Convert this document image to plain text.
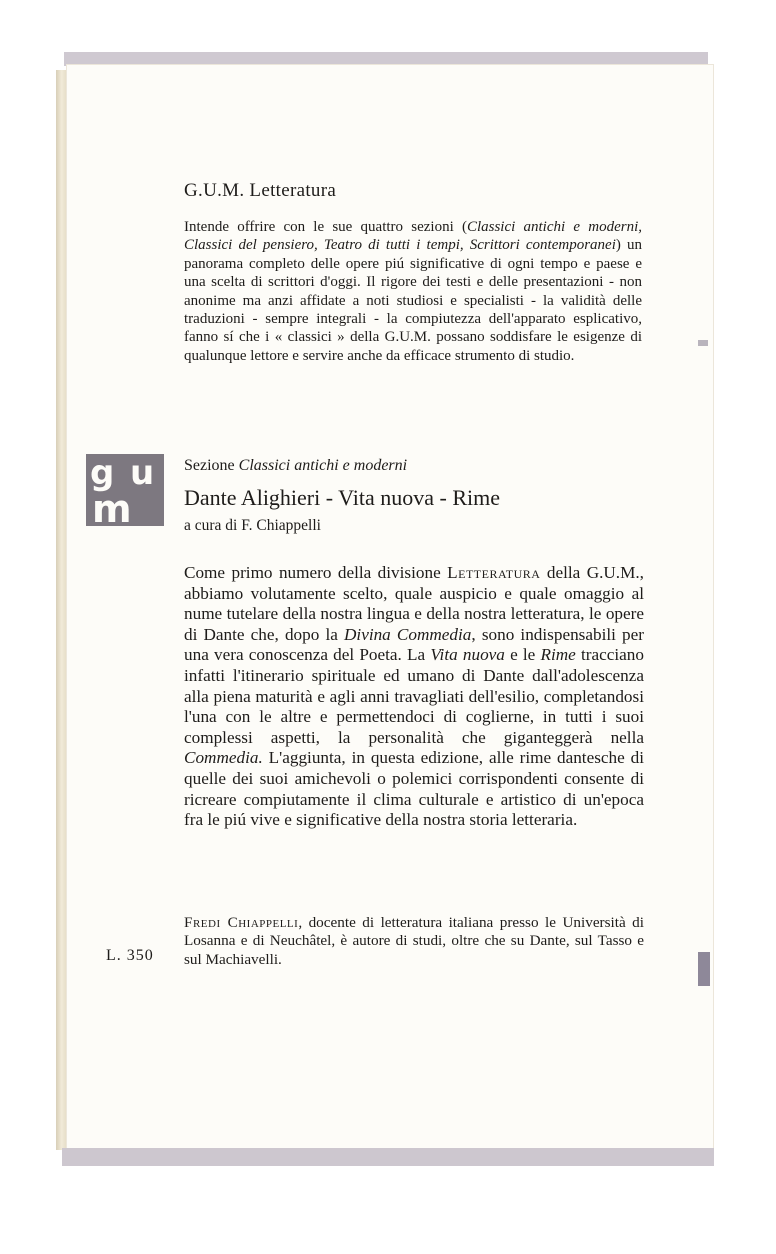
G.U.M. Letteratura
Intende offrire con le sue quattro sezioni (Classici antichi e moderni, Classici del pensiero, Teatro di tutti i tempi, Scrittori contemporanei) un panorama completo delle opere piú significative di ogni tempo e paese e una scelta di scrittori d'oggi. Il rigore dei testi e delle presentazioni - non anonime ma anzi affidate a noti studiosi e specialisti - la validità delle traduzioni - sempre integrali - la compiutezza dell'apparato esplicativo, fanno sí che i « classici » della G.U.M. possano soddisfare le esigenze di qualunque lettore e servire anche da efficace strumento di studio.
g u
m
Sezione Classici antichi e moderni
Dante Alighieri - Vita nuova - Rime
a cura di F. Chiappelli
Come primo numero della divisione Letteratura della G.U.M., abbiamo volutamente scelto, quale auspicio e quale omaggio al nume tutelare della nostra lingua e della nostra letteratura, le opere di Dante che, dopo la Divina Commedia, sono indispensabili per una vera conoscenza del Poeta. La Vita nuova e le Rime tracciano infatti l'itinerario spirituale ed umano di Dante dall'adolescenza alla piena maturità e agli anni travagliati dell'esilio, completandosi l'una con le altre e permettendoci di coglierne, in tutti i suoi complessi aspetti, la personalità che giganteggerà nella Commedia. L'aggiunta, in questa edizione, alle rime dantesche di quelle dei suoi amichevoli o polemici corrispondenti consente di ricreare compiutamente il clima culturale e artistico di un'epoca fra le piú vive e significative della nostra storia letteraria.
Fredi Chiappelli, docente di letteratura italiana presso le Università di Losanna e di Neuchâtel, è autore di studi, oltre che su Dante, sul Tasso e sul Machiavelli.
L. 350
